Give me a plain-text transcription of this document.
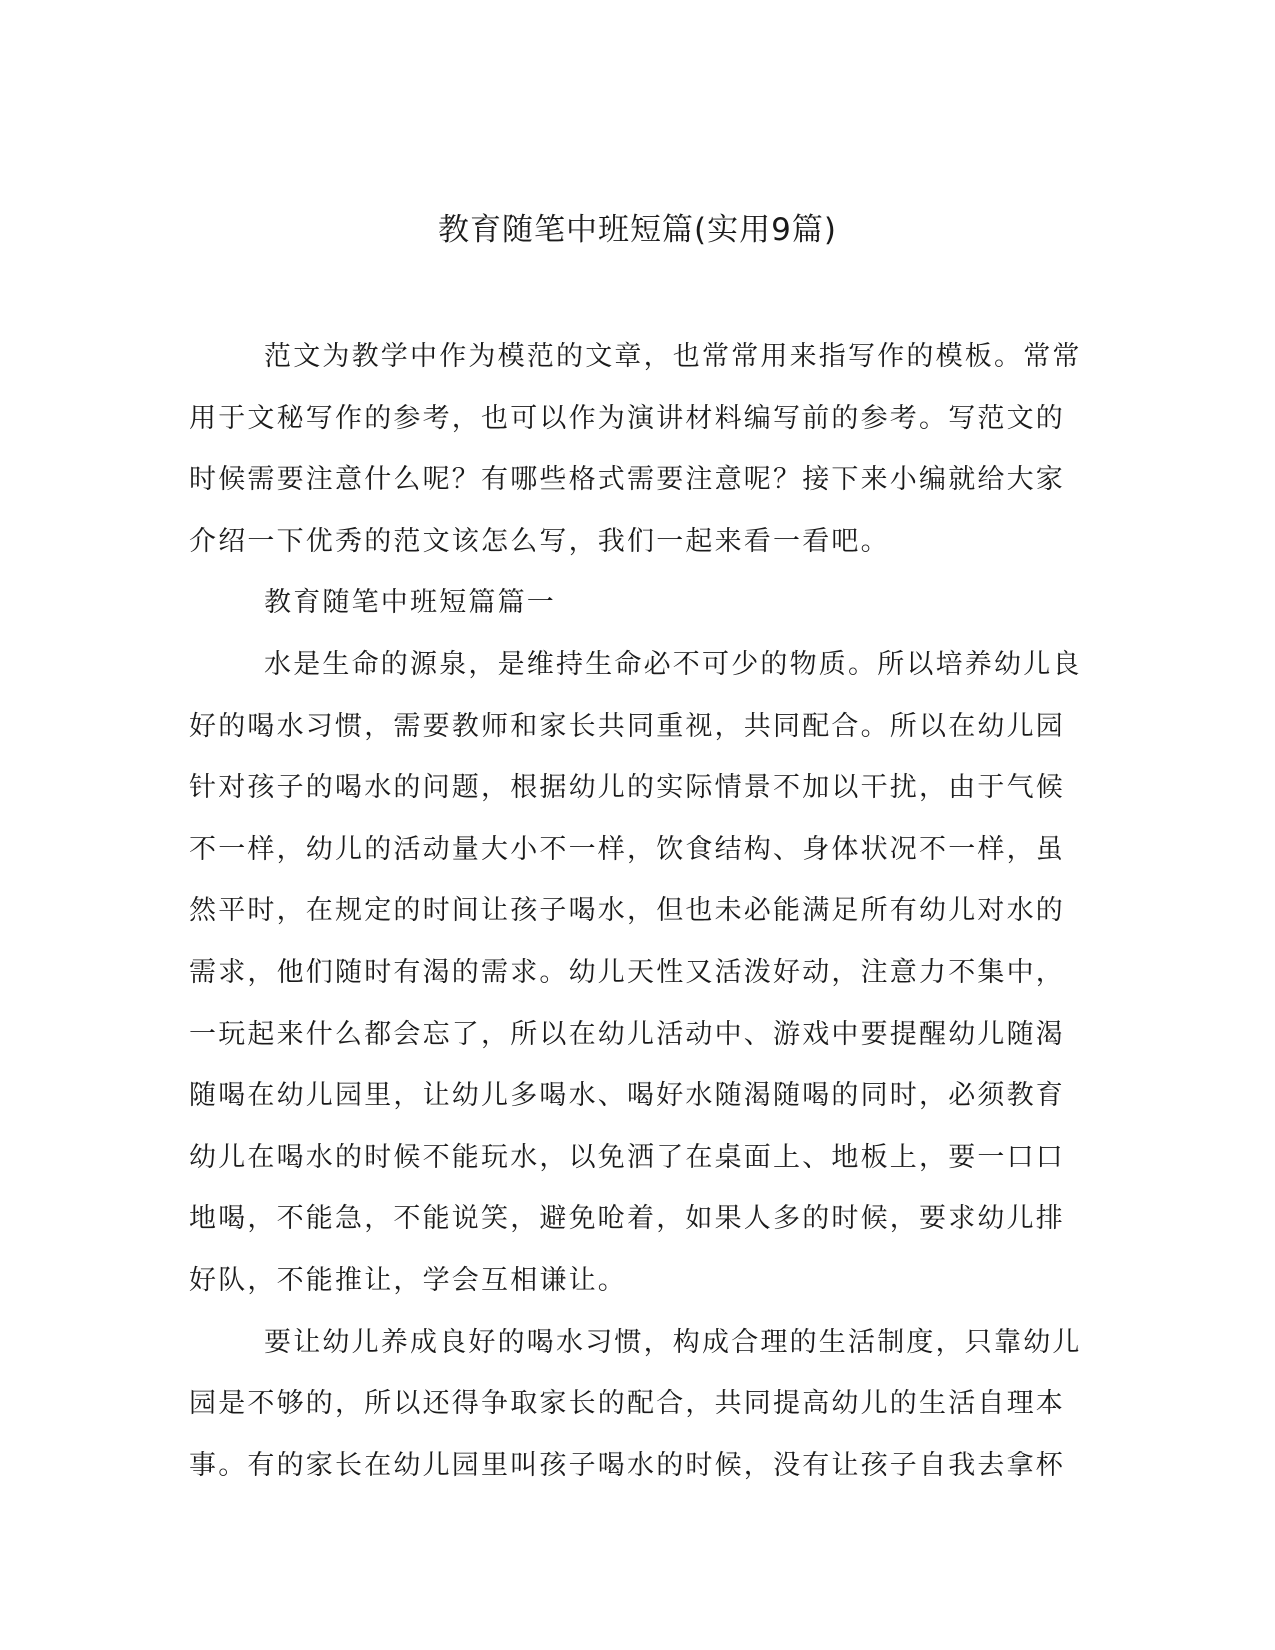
教育随笔中班短篇(实用9篇)
范文为教学中作为模范的文章，也常常用来指写作的模板。常常
用于文秘写作的参考，也可以作为演讲材料编写前的参考。写范文的
时候需要注意什么呢？有哪些格式需要注意呢？接下来小编就给大家
介绍一下优秀的范文该怎么写，我们一起来看一看吧。
教育随笔中班短篇篇一
水是生命的源泉，是维持生命必不可少的物质。所以培养幼儿良
好的喝水习惯，需要教师和家长共同重视，共同配合。所以在幼儿园
针对孩子的喝水的问题，根据幼儿的实际情景不加以干扰，由于气候
不一样，幼儿的活动量大小不一样，饮食结构、身体状况不一样，虽
然平时，在规定的时间让孩子喝水，但也未必能满足所有幼儿对水的
需求，他们随时有渴的需求。幼儿天性又活泼好动，注意力不集中，
一玩起来什么都会忘了，所以在幼儿活动中、游戏中要提醒幼儿随渴
随喝在幼儿园里，让幼儿多喝水、喝好水随渴随喝的同时，必须教育
幼儿在喝水的时候不能玩水，以免洒了在桌面上、地板上，要一口口
地喝，不能急，不能说笑，避免呛着，如果人多的时候，要求幼儿排
好队，不能推让，学会互相谦让。
要让幼儿养成良好的喝水习惯，构成合理的生活制度，只靠幼儿
园是不够的，所以还得争取家长的配合，共同提高幼儿的生活自理本
事。有的家长在幼儿园里叫孩子喝水的时候，没有让孩子自我去拿杯
